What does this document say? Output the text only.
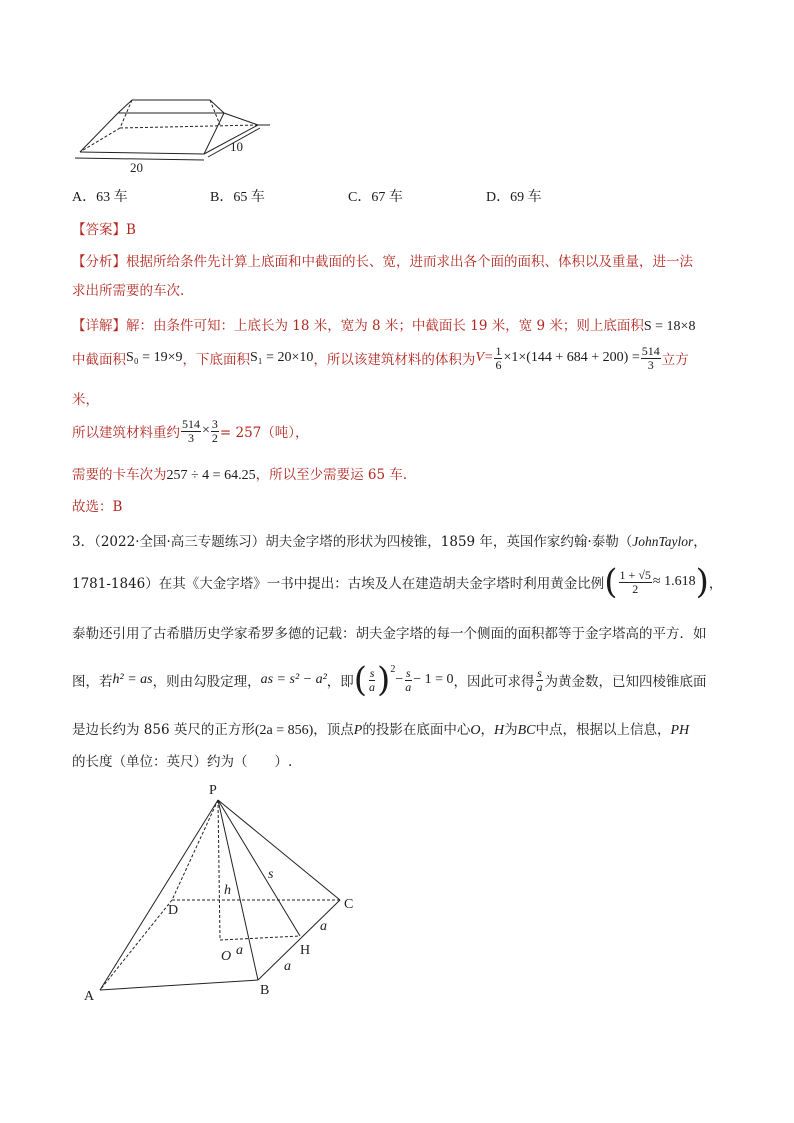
20
10
A．63 车	B．65 车	C．67 车	D．69 车
【答案】B
【分析】根据所给条件先计算上底面和中截面的长、宽，进而求出各个面的面积、体积以及重量，进一法
求出所需要的车次.
【详解】解：由条件可知：上底长为 18 米，宽为 8 米；中截面长 19 米，宽 9 米；则上底面积S = 18×8
中截面积 S₀ = 19×9 ，下底面积 S₁ = 20×10 ，所以该建筑材料的体积为 $V= \frac{1}{6} \times 1\times(144 + 684 + 200) = \frac{514}{3}$ 立方
米，
所以建筑材料重约 $\frac{514}{3} \times \frac{3}{2} = 257$（吨），
需要的卡车次为257 ÷ 4 = 64.25，所以至少需要运 65 车.
故选：B
3．（2022·全国·高三专题练习）胡夫金字塔的形状为四棱锥，1859 年，英国作家约翰·泰勒（JohnTaylor，
1781-1846）在其《大金字塔》一书中提出：古埃及人在建造胡夫金字塔时利用黄金比例 ( $\frac{1 + √5}{2} \approx 1.618$ ) ，
泰勒还引用了古希腊历史学家希罗多德的记载：胡夫金字塔的每一个侧面的面积都等于金字塔高的平方．如
图，若 h² = as ，则由勾股定理， as = s² − a² ，即 ( $\frac{s}{a} )^2$
− $\frac{s}{a} - 1 = 0$ ，因此可求得 $\frac{s}{a}$ 为黄金数，已知四棱锥底面
是边长约为 856 英尺的正方形(2a = 856)，顶点P的投影在底面中心O，H为BC中点，根据以上信息，PH
的长度（单位：英尺）约为（　　）.
P
A	B
C
D
O	H
h
s
a
a
a
